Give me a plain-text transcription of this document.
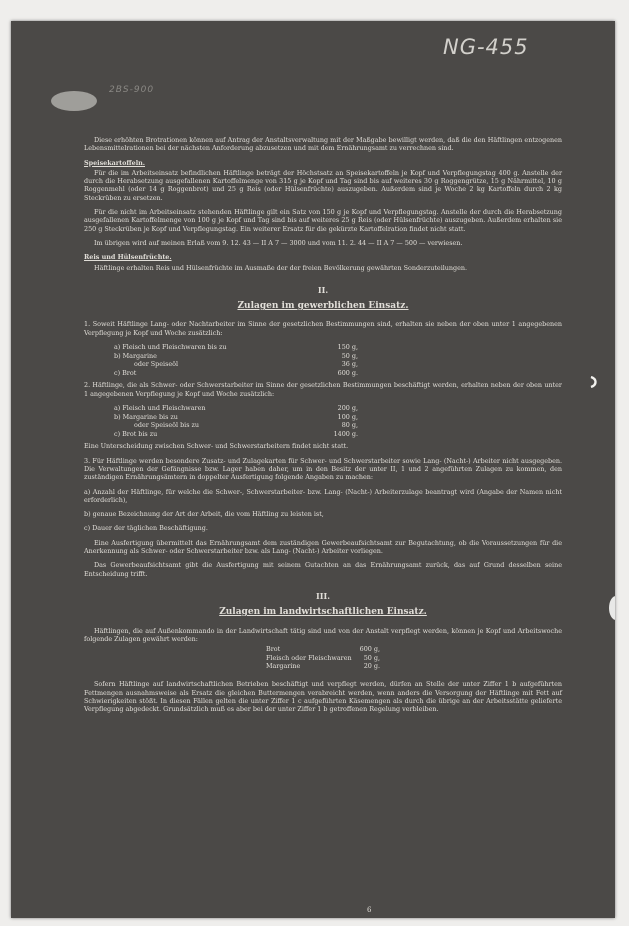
NG-455
2BS-900

Diese erhöhten Brotrationen können auf Antrag der Anstaltsverwaltung mit der Maßgabe bewilligt werden, daß die den Häftlingen entzogenen Lebensmittelrationen bei der nächsten Anforderung abzusetzen und mit dem Ernährungsamt zu verrechnen sind.

Speisekartoffeln.

Für die im Arbeitseinsatz befindlichen Häftlinge beträgt der Höchstsatz an Speisekartoffeln je Kopf und Verpflegungstag 400 g. Anstelle der durch die Herabsetzung ausgefallenen Kartoffelmenge von 315 g je Kopf und Tag sind bis auf weiteres 30 g Roggengrütze, 15 g Nährmittel, 10 g Roggenmehl (oder 14 g Roggenbrot) und 25 g Reis (oder Hülsenfrüchte) auszugeben. Außerdem sind je Woche 2 kg Kartoffeln durch 2 kg Steckrüben zu ersetzen.

Für die nicht im Arbeitseinsatz stehenden Häftlinge gilt ein Satz von 150 g je Kopf und Verpflegungstag. Anstelle der durch die Herabsetzung ausgefallenen Kartoffelmenge von 100 g je Kopf und Tag sind bis auf weiteres 25 g Reis (oder Hülsenfrüchte) auszugeben. Außerdem erhalten sie 250 g Steckrüben je Kopf und Verpflegungstag. Ein weiterer Ersatz für die gekürzte Kartoffelration findet nicht statt.

Im übrigen wird auf meinen Erlaß vom 9. 12. 43 — II A 7 — 3000 und vom 11. 2. 44 — II A 7 — 500 — verwiesen.

Reis und Hülsenfrüchte.

Häftlinge erhalten Reis und Hülsenfrüchte im Ausmaße der der freien Bevölkerung gewährten Sonderzuteilungen.

II.
Zulagen im gewerblichen Einsatz.

1. Soweit Häftlinge Lang- oder Nachtarbeiter im Sinne der gesetzlichen Bestimmungen sind, erhalten sie neben der oben unter 1 angegebenen Verpflegung je Kopf und Woche zusätzlich:

a) Fleisch und Fleischwaren bis zu	150 g,
b) Margarine	50 g,
oder Speiseöl	36 g,
c) Brot	600 g.

2. Häftlinge, die als Schwer- oder Schwerstarbeiter im Sinne der gesetzlichen Bestimmungen beschäftigt werden, erhalten neben der oben unter 1 angegebenen Verpflegung je Kopf und Woche zusätzlich:

a) Fleisch und Fleischwaren	200 g,
b) Margarine bis zu	100 g,
oder Speiseöl bis zu	80 g,
c) Brot bis zu	1400 g.

Eine Unterscheidung zwischen Schwer- und Schwerstarbeitern findet nicht statt.

3. Für Häftlinge werden besondere Zusatz- und Zulagekarten für Schwer- und Schwerstarbeiter sowie Lang- (Nacht-) Arbeiter nicht ausgegeben. Die Verwaltungen der Gefängnisse bzw. Lager haben daher, um in den Besitz der unter II, 1 und 2 angeführten Zulagen zu kommen, den zuständigen Ernährungsämtern in doppelter Ausfertigung folgende Angaben zu machen:

a) Anzahl der Häftlinge, für welche die Schwer-, Schwerstarbeiter- bzw. Lang- (Nacht-) Arbeiterzulage beantragt wird (Angabe der Namen nicht erforderlich),

b) genaue Bezeichnung der Art der Arbeit, die vom Häftling zu leisten ist,

c) Dauer der täglichen Beschäftigung.

Eine Ausfertigung übermittelt das Ernährungsamt dem zuständigen Gewerbeaufsichtsamt zur Begutachtung, ob die Voraussetzungen für die Anerkennung als Schwer- oder Schwerstarbeiter bzw. als Lang- (Nacht-) Arbeiter vorliegen.

Das Gewerbeaufsichtsamt gibt die Ausfertigung mit seinem Gutachten an das Ernährungsamt zurück, das auf Grund desselben seine Entscheidung trifft.

III.
Zulagen im landwirtschaftlichen Einsatz.

Häftlingen, die auf Außenkommando in der Landwirtschaft tätig sind und von der Anstalt verpflegt werden, können je Kopf und Arbeitswoche folgende Zulagen gewährt werden:

Brot	600 g,
Fleisch oder Fleischwaren	50 g,
Margarine	20 g.

Sofern Häftlinge auf landwirtschaftlichen Betrieben beschäftigt und verpflegt werden, dürfen an Stelle der unter Ziffer 1 b aufgeführten Fettmengen ausnahmsweise als Ersatz die gleichen Buttermengen verabreicht werden, wenn anders die Versorgung der Häftlinge mit Fett auf Schwierigkeiten stößt. In diesen Fällen gelten die unter Ziffer 1 c aufgeführten Käsemengen als durch die übrige an der Arbeitsstätte gelieferte Verpflegung abgedeckt. Grundsätzlich muß es aber bei der unter Ziffer 1 b getroffenen Regelung verbleiben.

6
